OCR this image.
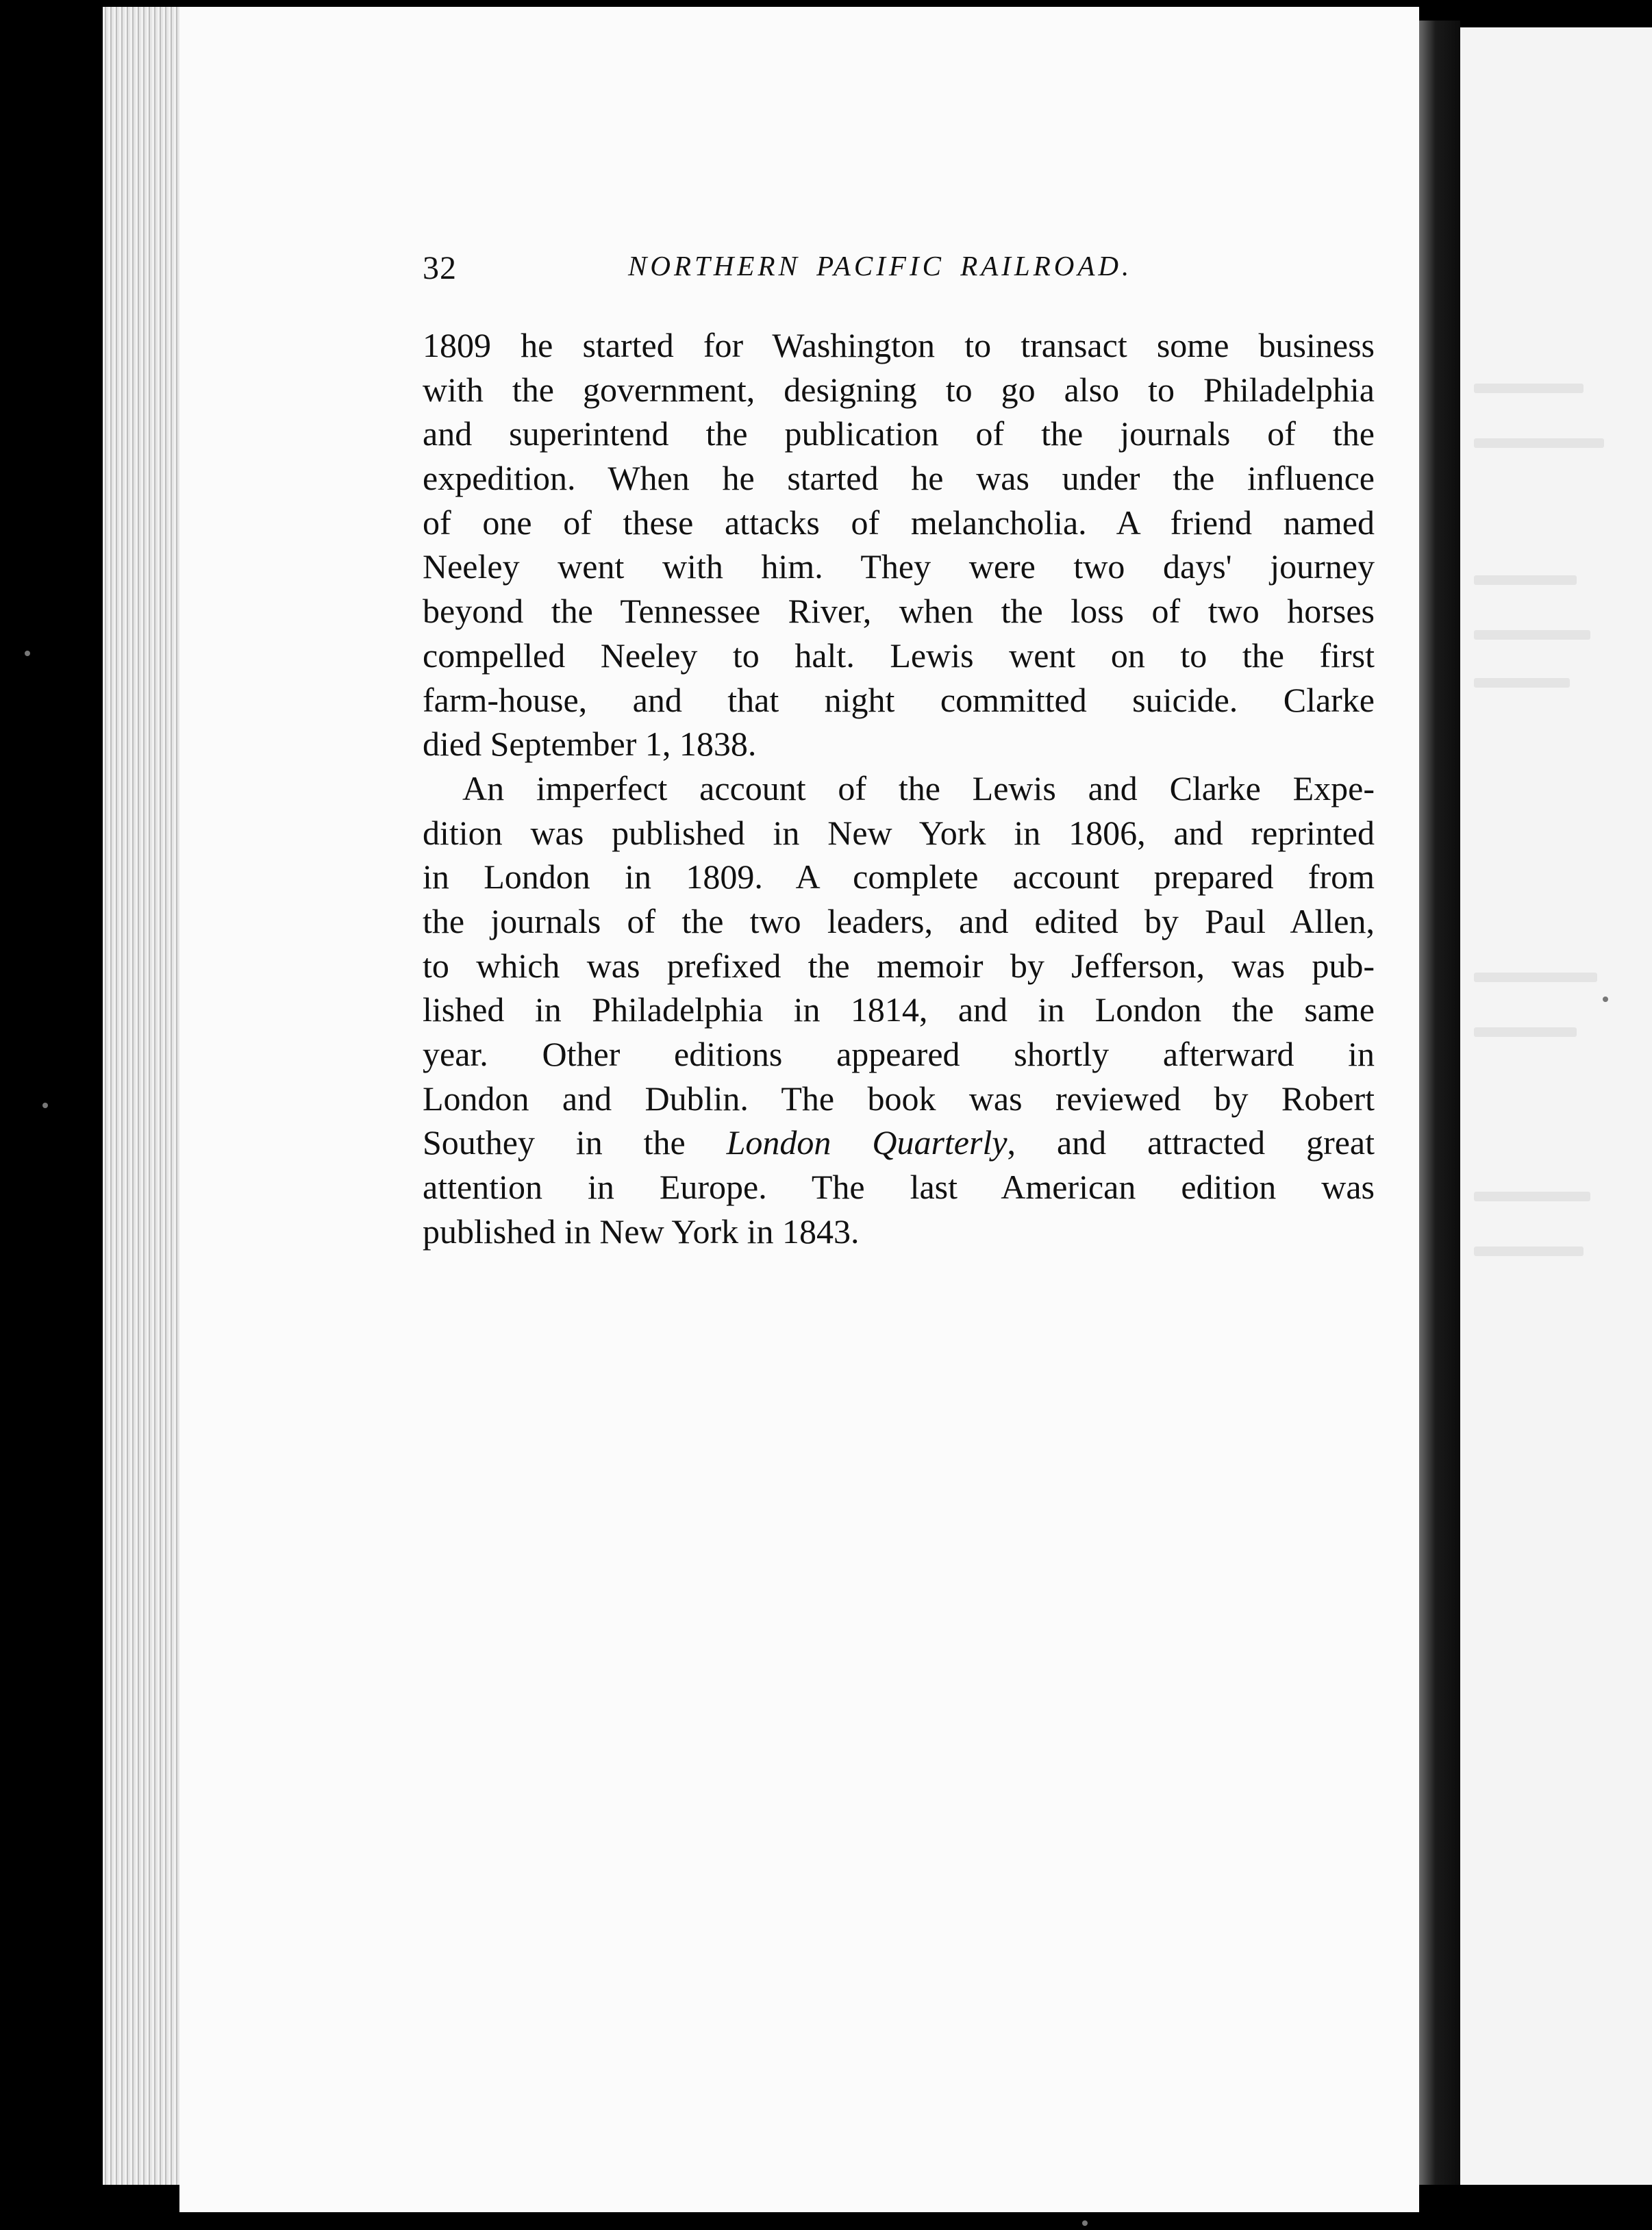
32	NORTHERN PACIFIC RAILROAD.
1809 he started for Washington to transact some business
with the government, designing to go also to Philadelphia
and superintend the publication of the journals of the
expedition. When he started he was under the influence
of one of these attacks of melancholia. A friend named
Neeley went with him. They were two days' journey
beyond the Tennessee River, when the loss of two horses
compelled Neeley to halt. Lewis went on to the first
farm-house, and that night committed suicide. Clarke
died September 1, 1838.
An imperfect account of the Lewis and Clarke Expe-
dition was published in New York in 1806, and reprinted
in London in 1809. A complete account prepared from
the journals of the two leaders, and edited by Paul Allen,
to which was prefixed the memoir by Jefferson, was pub-
lished in Philadelphia in 1814, and in London the same
year. Other editions appeared shortly afterward in
London and Dublin. The book was reviewed by Robert
Southey in the London Quarterly, and attracted great
attention in Europe. The last American edition was
published in New York in 1843.
